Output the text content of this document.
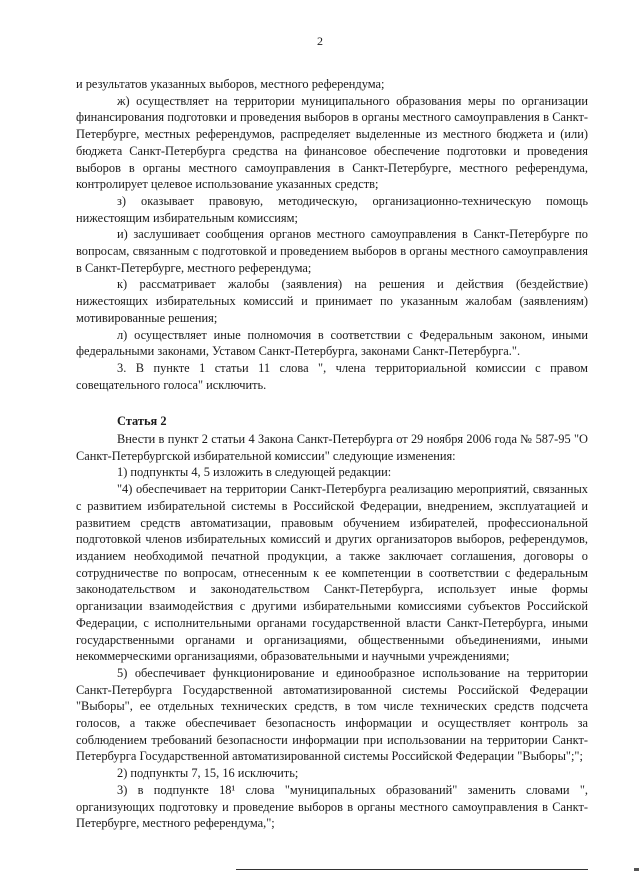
2

и результатов указанных выборов, местного референдума;

ж) осуществляет на территории муниципального образования меры по организации финансирования подготовки и проведения выборов в органы местного самоуправления в Санкт-Петербурге, местных референдумов, распределяет выделенные из местного бюджета и (или) бюджета Санкт-Петербурга средства на финансовое обеспечение подготовки и проведения выборов в органы местного самоуправления в Санкт-Петербурге, местного референдума, контролирует целевое использование указанных средств;

з) оказывает правовую, методическую, организационно-техническую помощь нижестоящим избирательным комиссиям;

и) заслушивает сообщения органов местного самоуправления в Санкт-Петербурге по вопросам, связанным с подготовкой и проведением выборов в органы местного самоуправления в Санкт-Петербурге, местного референдума;

к) рассматривает жалобы (заявления) на решения и действия (бездействие) нижестоящих избирательных комиссий и принимает по указанным жалобам (заявлениям) мотивированные решения;

л) осуществляет иные полномочия в соответствии с Федеральным законом, иными федеральными законами, Уставом Санкт-Петербурга, законами Санкт-Петербурга.".

3. В пункте 1 статьи 11 слова ", члена территориальной комиссии с правом совещательного голоса" исключить.

Статья 2

Внести в пункт 2 статьи 4 Закона Санкт-Петербурга от 29 ноября 2006 года № 587-95 "О Санкт-Петербургской избирательной комиссии" следующие изменения:

1) подпункты 4, 5 изложить в следующей редакции:

"4) обеспечивает на территории Санкт-Петербурга реализацию мероприятий, связанных с развитием избирательной системы в Российской Федерации, внедрением, эксплуатацией и развитием средств автоматизации, правовым обучением избирателей, профессиональной подготовкой членов избирательных комиссий и других организаторов выборов, референдумов, изданием необходимой печатной продукции, а также заключает соглашения, договоры о сотрудничестве по вопросам, отнесенным к ее компетенции в соответствии с федеральным законодательством и законодательством Санкт-Петербурга, использует иные формы организации взаимодействия с другими избирательными комиссиями субъектов Российской Федерации, с исполнительными органами государственной власти Санкт-Петербурга, иными государственными органами и организациями, общественными объединениями, иными некоммерческими организациями, образовательными и научными учреждениями;

5) обеспечивает функционирование и единообразное использование на территории Санкт-Петербурга Государственной автоматизированной системы Российской Федерации "Выборы", ее отдельных технических средств, в том числе технических средств подсчета голосов, а также обеспечивает безопасность информации и осуществляет контроль за соблюдением требований безопасности информации при использовании на территории Санкт-Петербурга Государственной автоматизированной системы Российской Федерации "Выборы";";

2) подпункты 7, 15, 16 исключить;

3) в подпункте 18¹ слова "муниципальных образований" заменить словами ", организующих подготовку и проведение выборов в органы местного самоуправления в Санкт-Петербурге, местного референдума,";
